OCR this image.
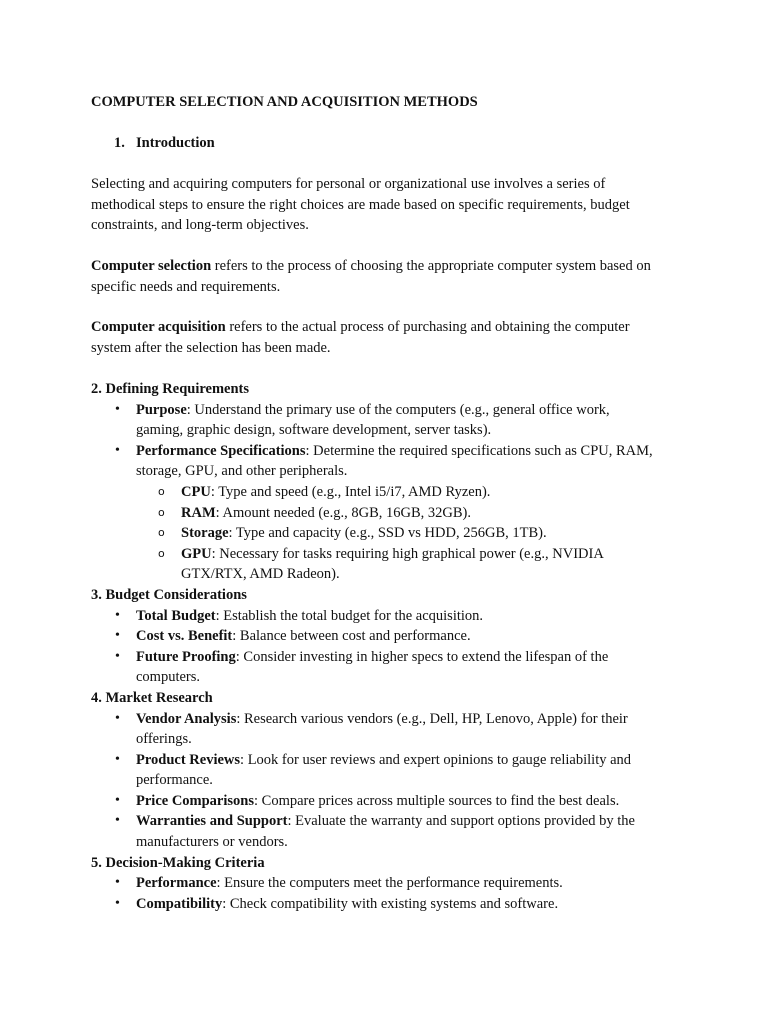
COMPUTER SELECTION AND ACQUISITION METHODS
1. Introduction
Selecting and acquiring computers for personal or organizational use involves a series of
methodical steps to ensure the right choices are made based on specific requirements, budget
constraints, and long-term objectives.
Computer selection refers to the process of choosing the appropriate computer system based on
specific needs and requirements.
Computer acquisition refers to the actual process of purchasing and obtaining the computer
system after the selection has been made.
2. Defining Requirements
• Purpose: Understand the primary use of the computers (e.g., general office work,
gaming, graphic design, software development, server tasks).
• Performance Specifications: Determine the required specifications such as CPU, RAM,
storage, GPU, and other peripherals.
o CPU: Type and speed (e.g., Intel i5/i7, AMD Ryzen).
o RAM: Amount needed (e.g., 8GB, 16GB, 32GB).
o Storage: Type and capacity (e.g., SSD vs HDD, 256GB, 1TB).
o GPU: Necessary for tasks requiring high graphical power (e.g., NVIDIA
GTX/RTX, AMD Radeon).
3. Budget Considerations
• Total Budget: Establish the total budget for the acquisition.
• Cost vs. Benefit: Balance between cost and performance.
• Future Proofing: Consider investing in higher specs to extend the lifespan of the
computers.
4. Market Research
• Vendor Analysis: Research various vendors (e.g., Dell, HP, Lenovo, Apple) for their
offerings.
• Product Reviews: Look for user reviews and expert opinions to gauge reliability and
performance.
• Price Comparisons: Compare prices across multiple sources to find the best deals.
• Warranties and Support: Evaluate the warranty and support options provided by the
manufacturers or vendors.
5. Decision-Making Criteria
• Performance: Ensure the computers meet the performance requirements.
• Compatibility: Check compatibility with existing systems and software.
